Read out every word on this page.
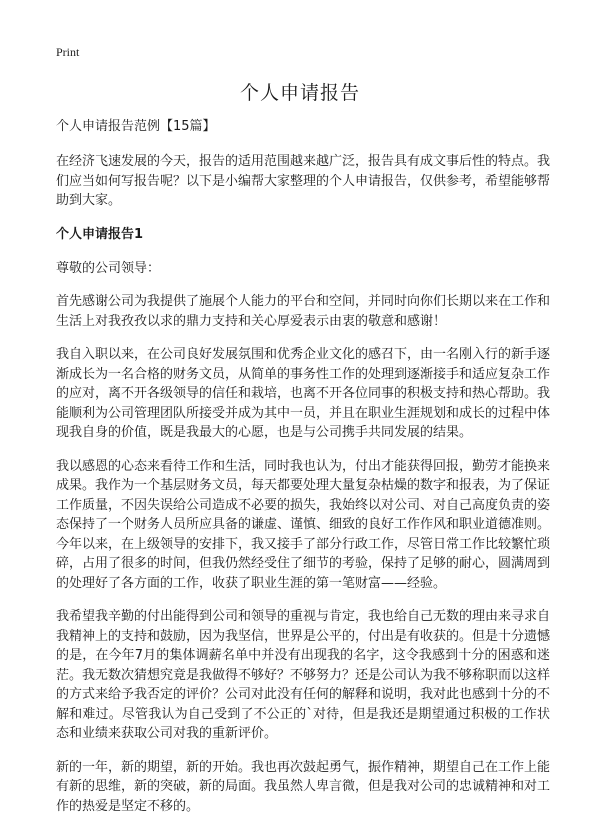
Print
个人申请报告

个人申请报告范例【15篇】

在经济飞速发展的今天，报告的适用范围越来越广泛，报告具有成文事后性的特点。我们应当如何写报告呢？以下是小编帮大家整理的个人申请报告，仅供参考，希望能够帮助到大家。

个人申请报告1

尊敬的公司领导：

首先感谢公司为我提供了施展个人能力的平台和空间，并同时向你们长期以来在工作和生活上对我孜孜以求的鼎力支持和关心厚爱表示由衷的敬意和感谢！

我自入职以来，在公司良好发展氛围和优秀企业文化的感召下，由一名刚入行的新手逐渐成长为一名合格的财务文员，从简单的事务性工作的处理到逐渐接手和适应复杂工作的应对，离不开各级领导的信任和栽培，也离不开各位同事的积极支持和热心帮助。我能顺利为公司管理团队所接受并成为其中一员，并且在职业生涯规划和成长的过程中体现我自身的价值，既是我最大的心愿，也是与公司携手共同发展的结果。

我以感恩的心态来看待工作和生活，同时我也认为，付出才能获得回报，勤劳才能换来成果。我作为一个基层财务文员，每天都要处理大量复杂枯燥的数字和报表，为了保证工作质量，不因失误给公司造成不必要的损失，我始终以对公司、对自己高度负责的姿态保持了一个财务人员所应具备的谦虚、谨慎、细致的良好工作作风和职业道德准则。今年以来，在上级领导的安排下，我又接手了部分行政工作，尽管日常工作比较繁忙琐碎，占用了很多的时间，但我仍然经受住了细节的考验，保持了足够的耐心，圆满周到的处理好了各方面的工作，收获了职业生涯的第一笔财富——经验。

我希望我辛勤的付出能得到公司和领导的重视与肯定，我也给自己无数的理由来寻求自我精神上的支持和鼓励，因为我坚信，世界是公平的，付出是有收获的。但是十分遗憾的是，在今年7月的集体调薪名单中并没有出现我的名字，这令我感到十分的困惑和迷茫。我无数次猜想究竟是我做得不够好？不够努力？还是公司认为我不够称职而以这样的方式来给予我否定的评价？公司对此没有任何的解释和说明，我对此也感到十分的不解和难过。尽管我认为自己受到了不公正的`对待，但是我还是期望通过积极的工作状态和业绩来获取公司对我的重新评价。

新的一年，新的期望，新的开始。我也再次鼓起勇气，振作精神，期望自己在工作上能有新的思维，新的突破，新的局面。我虽然人卑言微，但是我对公司的忠诚精神和对工作的热爱是坚定不移的。
